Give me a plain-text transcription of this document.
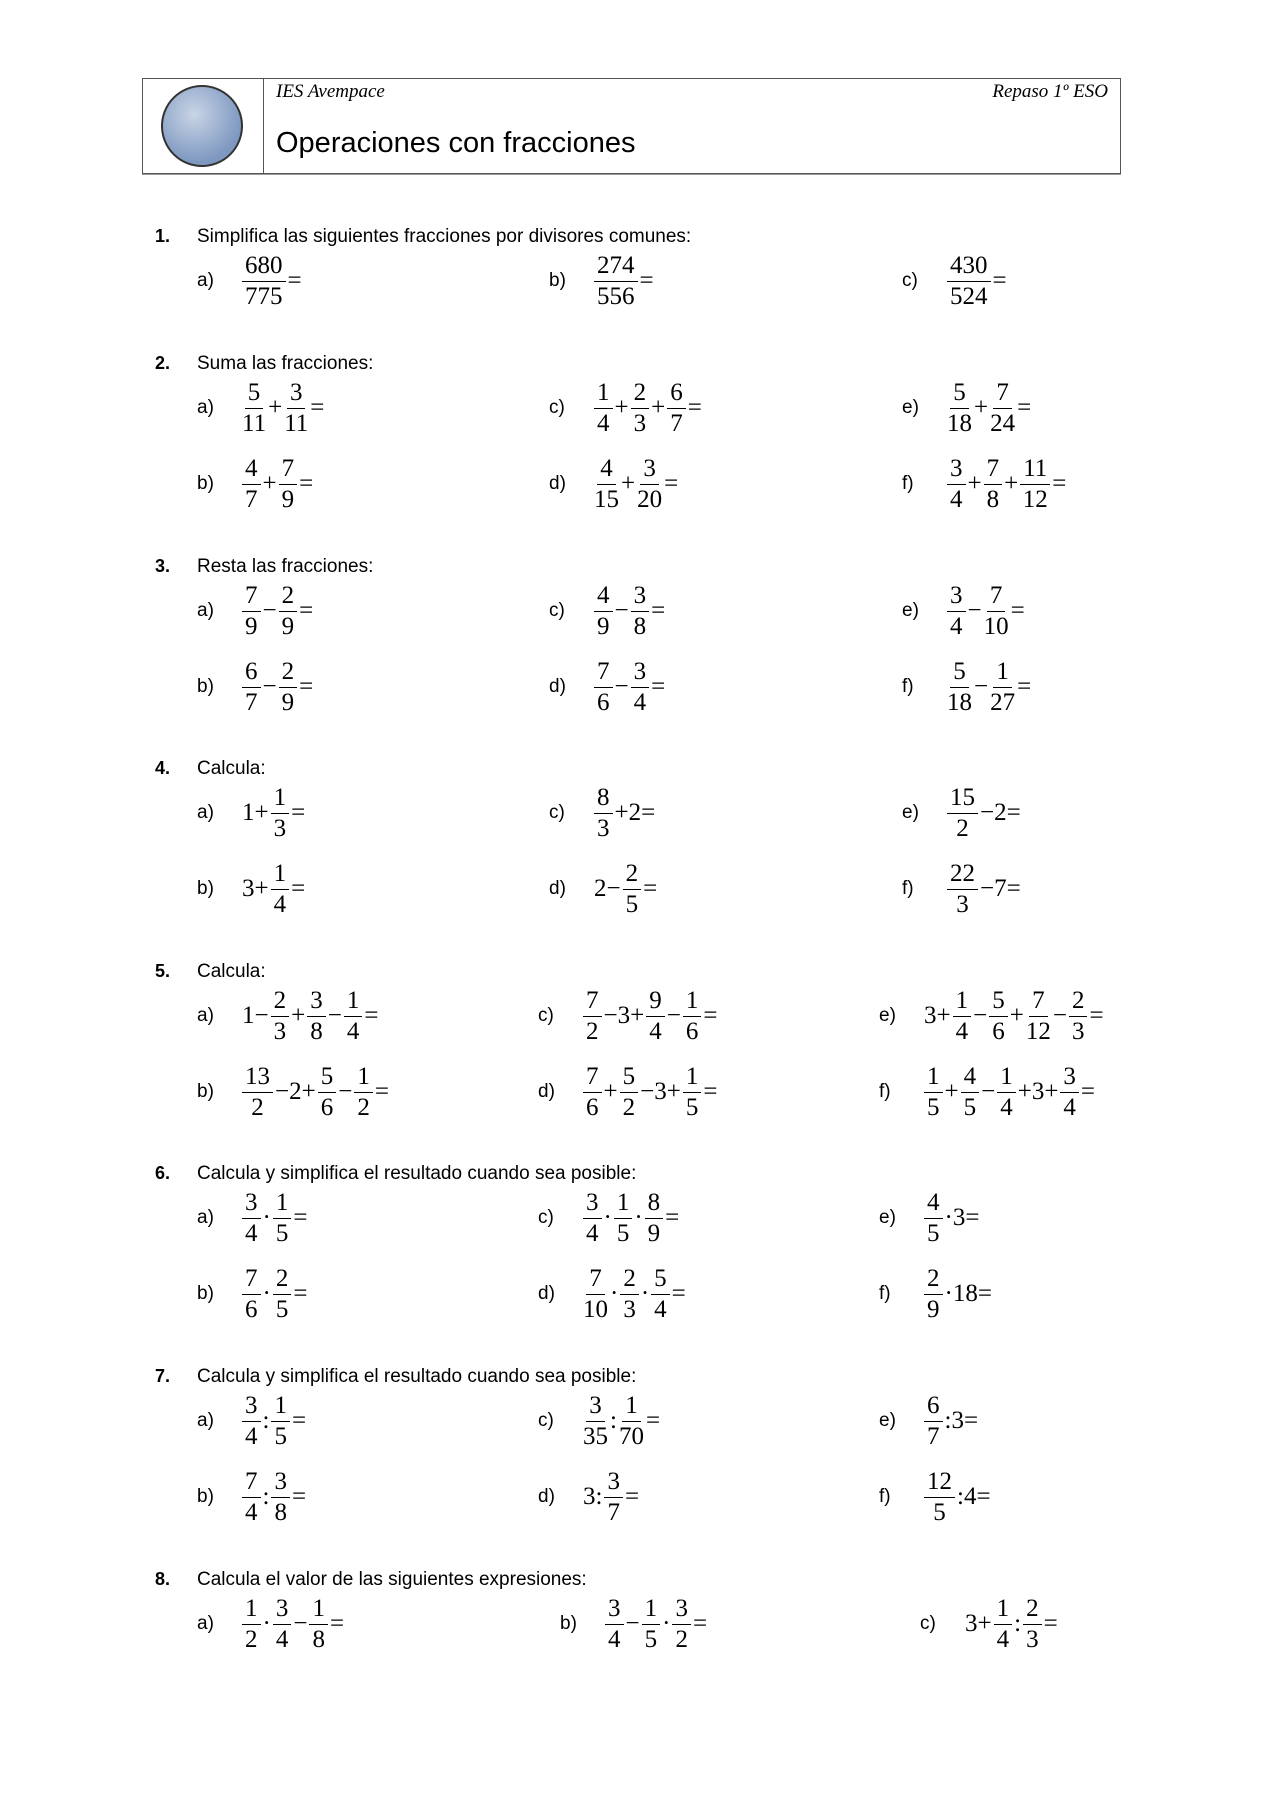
IES Avempace	Repaso 1º ESO
Operaciones con fracciones
1. Simplifica las siguientes fracciones por divisores comunes:
a)	$\frac{680}{775}$ =	b)	$\frac{274}{556}$ =	c)	$\frac{430}{524}$ =
2. Suma las fracciones:
a)	$\frac{5}{11} + \frac{3}{11}$ =	c)	$\frac{1}{4} + \frac{2}{3} + \frac{6}{7}$ =	e)	$\frac{5}{18} + \frac{7}{24}$ =
b)	$\frac{4}{7} + \frac{7}{9}$ =	d)	$\frac{4}{15} + \frac{3}{20}$ =	f)	$\frac{3}{4} + \frac{7}{8} + \frac{11}{12}$ =
3. Resta las fracciones:
a)	$\frac{7}{9} - \frac{2}{9}$ =	c)	$\frac{4}{9} - \frac{3}{8}$ =	e)	$\frac{3}{4} - \frac{7}{10}$ =
b)	$\frac{6}{7} - \frac{2}{9}$ =	d)	$\frac{7}{6} - \frac{3}{4}$ =	f)	$\frac{5}{18} - \frac{1}{27}$ =
4. Calcula:
a)	$1+ \frac{1}{3}$ =	c)	$\frac{8}{3} +2=$	e)	$\frac{15}{2} -2=$
b)	$3+ \frac{1}{4}$ =	d)	$2- \frac{2}{5}$ =	f)	$\frac{22}{3} -7=$
5. Calcula:
a)	$1- \frac{2}{3} + \frac{3}{8} - \frac{1}{4}$ =	c)	$\frac{7}{2} -3+ \frac{9}{4} - \frac{1}{6}$ =	e)	$3+ \frac{1}{4} - \frac{5}{6} + \frac{7}{12} - \frac{2}{3}$ =
b)	$\frac{13}{2} -2+ \frac{5}{6} - \frac{1}{2}$ =	d)	$\frac{7}{6} + \frac{5}{2} -3+ \frac{1}{5}$ =	f)	$\frac{1}{5} + \frac{4}{5} - \frac{1}{4} +3+ \frac{3}{4}$ =
6. Calcula y simplifica el resultado cuando sea posible:
a)	$\frac{3}{4} \cdot \frac{1}{5}$ =	c)	$\frac{3}{4} \cdot \frac{1}{5} \cdot \frac{8}{9}$ =	e)	$\frac{4}{5} \cdot 3=$
b)	$\frac{7}{6} \cdot \frac{2}{5}$ =	d)	$\frac{7}{10} \cdot \frac{2}{3} \cdot \frac{5}{4}$ =	f)	$\frac{2}{9} \cdot 18=$
7. Calcula y simplifica el resultado cuando sea posible:
a)	$\frac{3}{4}$ : $\frac{1}{5}$ =	c)	$\frac{3}{35}$ : $\frac{1}{70}$ =	e)	$\frac{6}{7}$ :3=
b)	$\frac{7}{4}$ : $\frac{3}{8}$ =	d)	3: $\frac{3}{7}$ =	f)	$\frac{12}{5}$ :4=
8. Calcula el valor de las siguientes expresiones:
a)	$\frac{1}{2} \cdot \frac{3}{4} - \frac{1}{8}$ =	b)	$\frac{3}{4} - \frac{1}{5} \cdot \frac{3}{2}$ =	c)	$3+ \frac{1}{4}$ : $\frac{2}{3}$ =
